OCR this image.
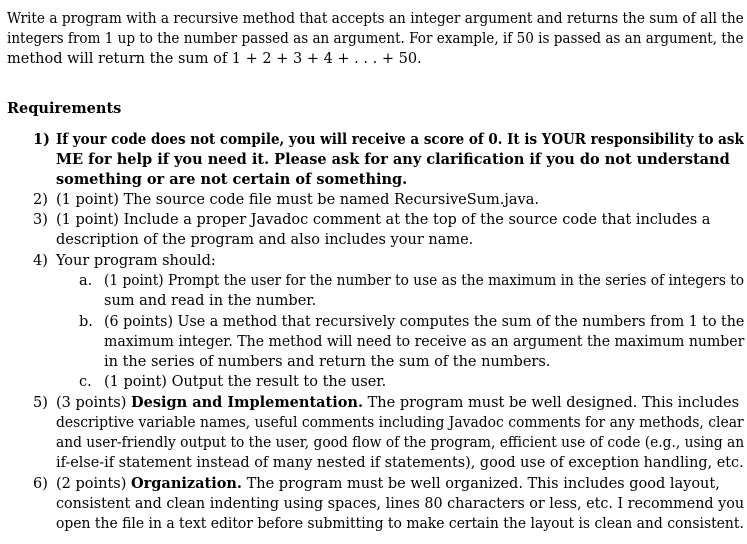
Write a program with a recursive method that accepts an integer argument and returns the sum of all the
integers from 1 up to the number passed as an argument. For example, if 50 is passed as an argument, the
method will return the sum of 1 + 2 + 3 + 4 + . . . + 50.
Requirements
1) If your code does not compile, you will receive a score of 0. It is YOUR responsibility to ask
ME for help if you need it. Please ask for any clarification if you do not understand
something or are not certain of something.
2) (1 point) The source code file must be named RecursiveSum.java.
3) (1 point) Include a proper Javadoc comment at the top of the source code that includes a
description of the program and also includes your name.
4) Your program should:
a. (1 point) Prompt the user for the number to use as the maximum in the series of integers to
sum and read in the number.
b. (6 points) Use a method that recursively computes the sum of the numbers from 1 to the
maximum integer. The method will need to receive as an argument the maximum number
in the series of numbers and return the sum of the numbers.
c. (1 point) Output the result to the user.
5) (3 points) Design and Implementation. The program must be well designed. This includes
descriptive variable names, useful comments including Javadoc comments for any methods, clear
and user-friendly output to the user, good flow of the program, efficient use of code (e.g., using an
if-else-if statement instead of many nested if statements), good use of exception handling, etc.
6) (2 points) Organization. The program must be well organized. This includes good layout,
consistent and clean indenting using spaces, lines 80 characters or less, etc. I recommend you
open the file in a text editor before submitting to make certain the layout is clean and consistent.
